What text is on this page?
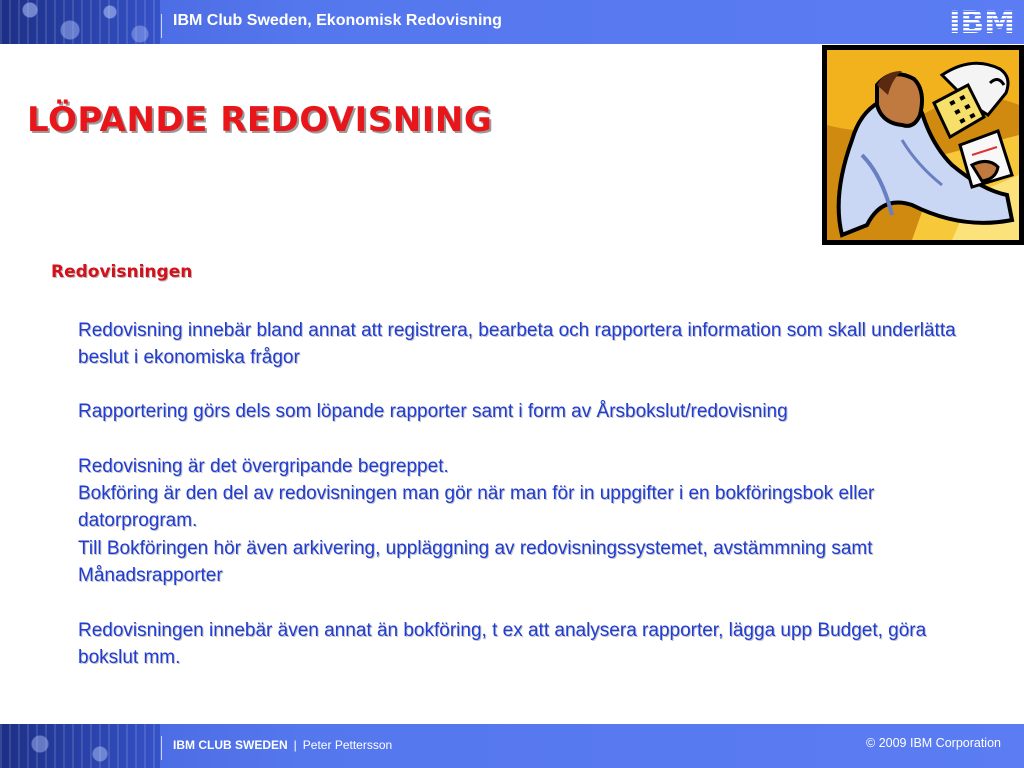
IBM Club Sweden, Ekonomisk Redovisning
LÖPANDE REDOVISNING
Redovisningen

Redovisning innebär bland annat att registrera, bearbeta och rapportera information som skall underlätta beslut i ekonomiska frågor

Rapportering görs dels som löpande rapporter samt i form av Årsbokslut/redovisning

Redovisning är det övergripande begreppet.

Bokföring är den del av redovisningen man gör när man för in uppgifter i en bokföringsbok eller datorprogram.

Till Bokföringen hör även arkivering, uppläggning av redovisningssystemet, avstämmning samt Månadsrapporter

Redovisningen innebär även annat än bokföring, t ex att analysera rapporter, lägga upp Budget, göra bokslut mm.

IBM CLUB SWEDEN | Peter Pettersson	© 2009 IBM Corporation
